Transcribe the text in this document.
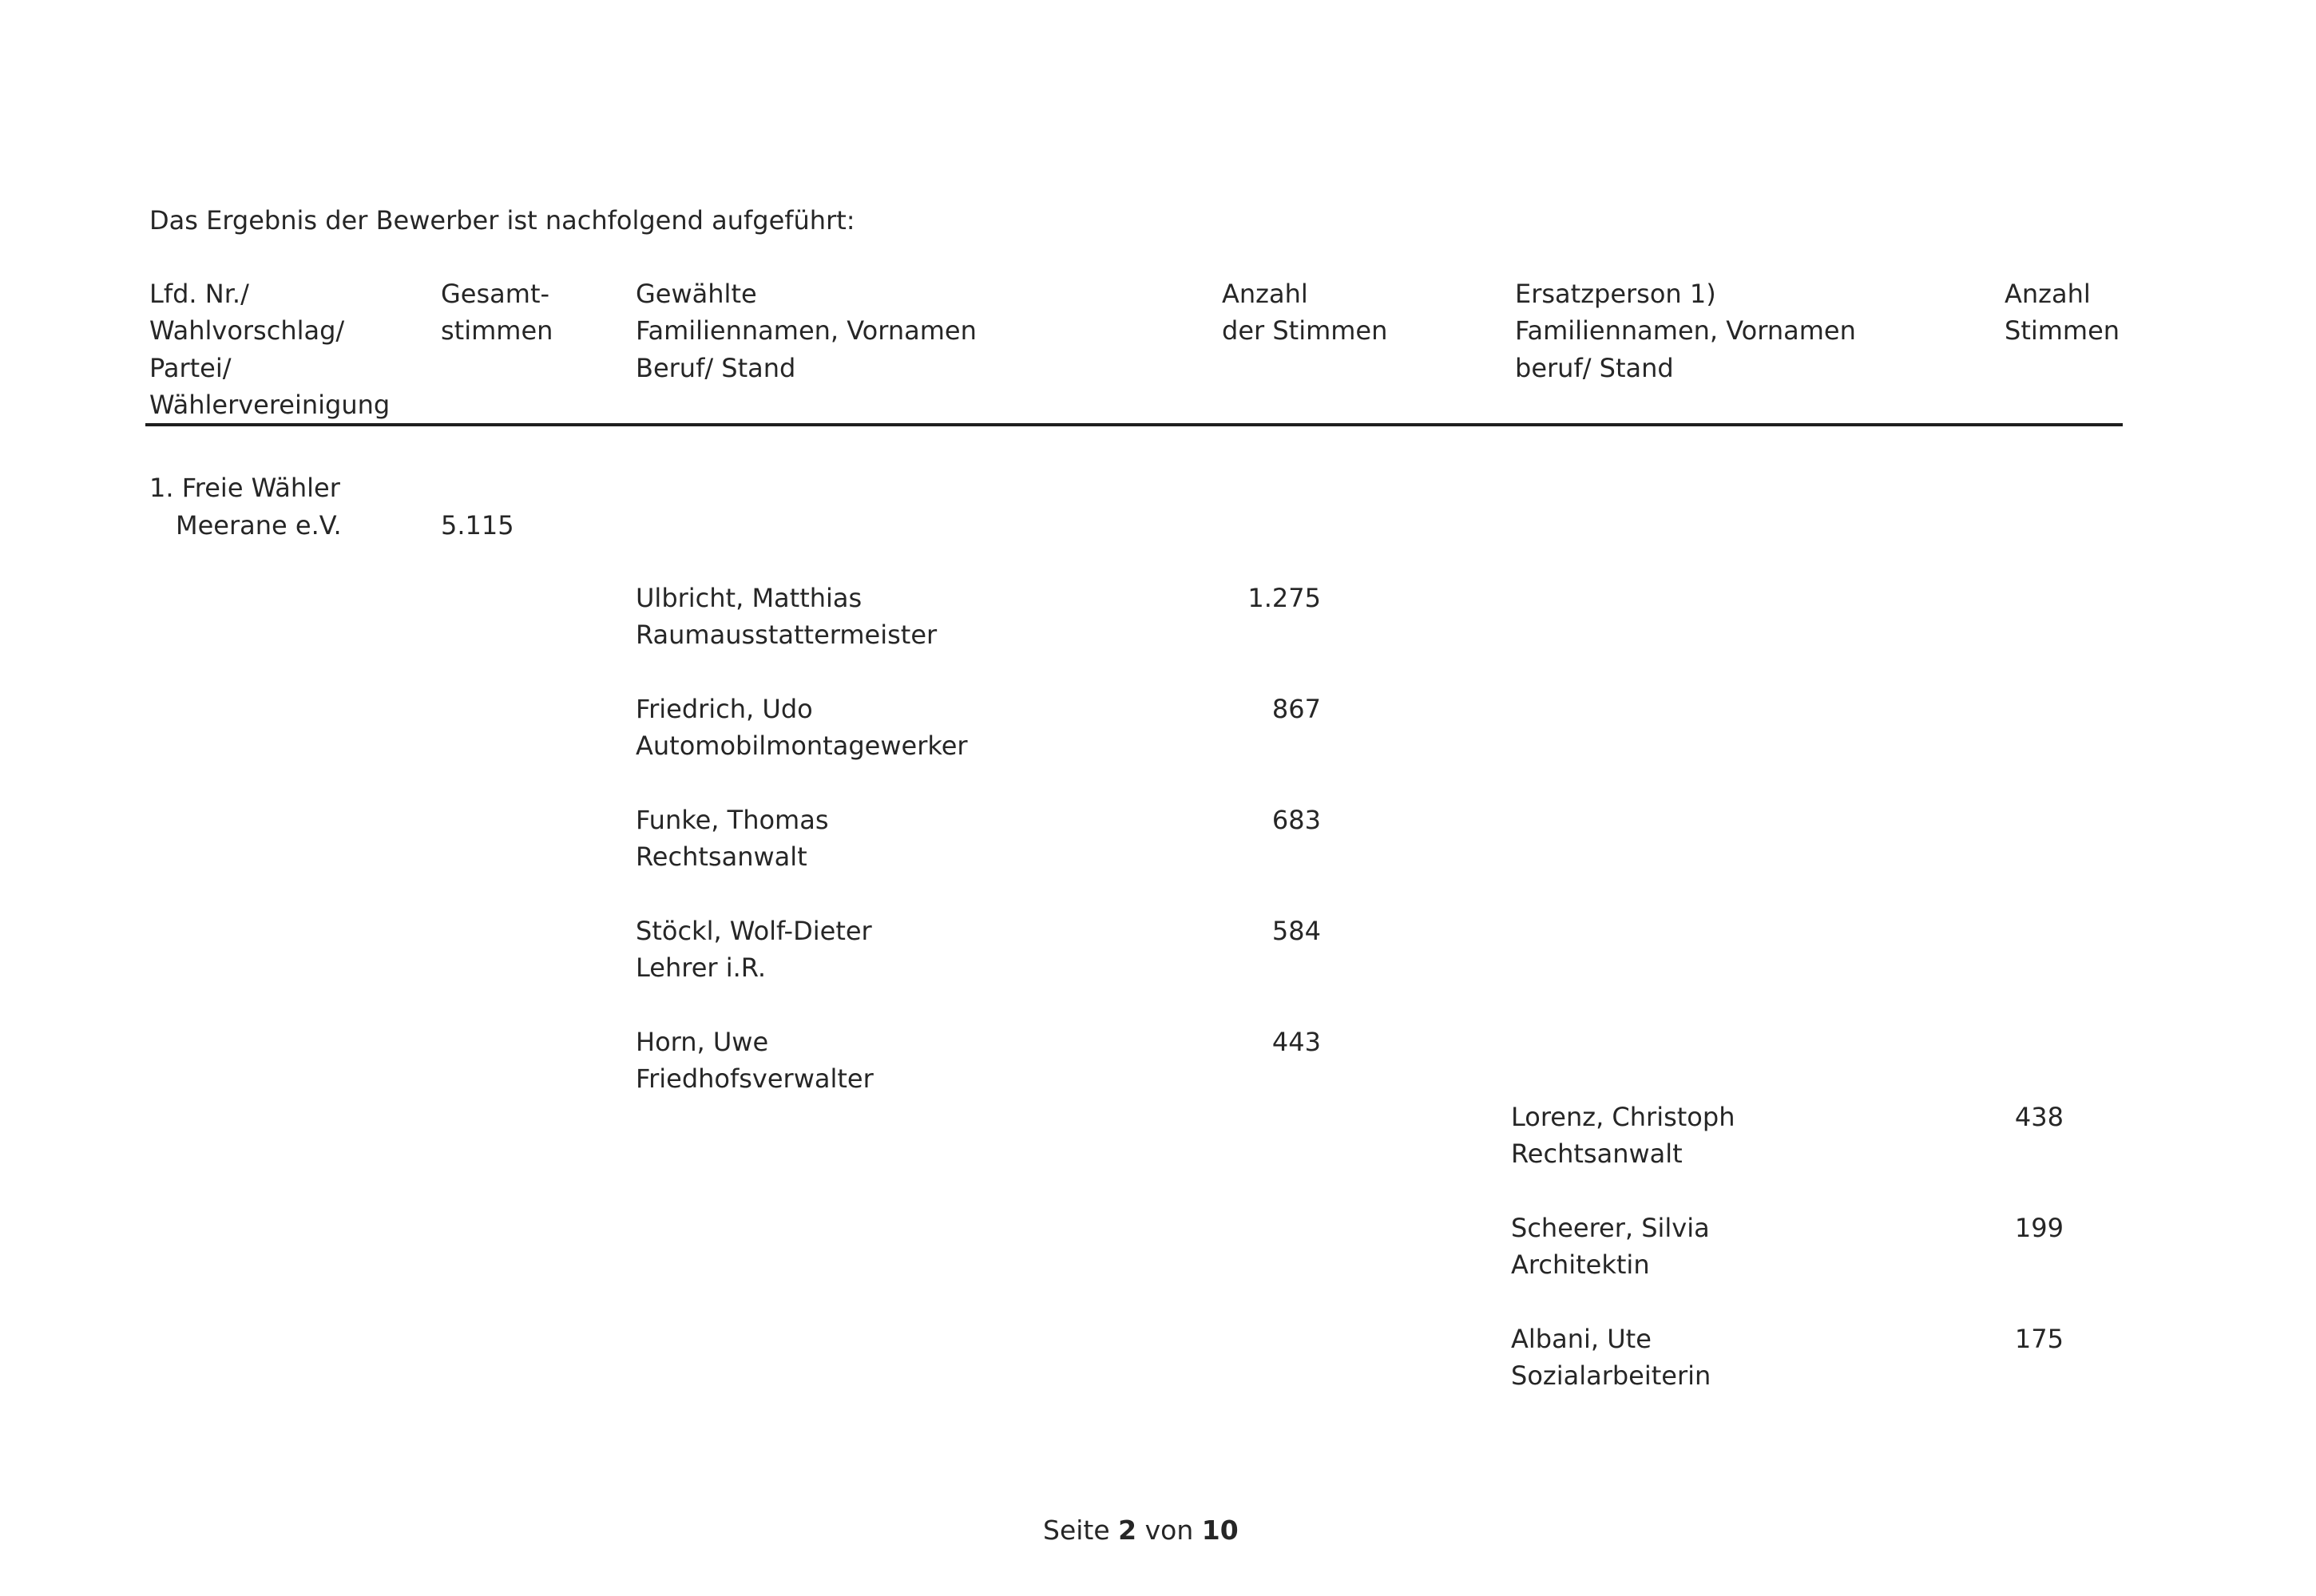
Das Ergebnis der Bewerber ist nachfolgend aufgeführt:
Lfd. Nr./
Wahlvorschlag/
Partei/
Wählervereinigung
Gesamt-
stimmen
Gewählte
Familiennamen, Vornamen
Beruf/ Stand
Anzahl
der Stimmen
Ersatzperson 1)
Familiennamen, Vornamen
beruf/ Stand
Anzahl
Stimmen
1. Freie Wähler
Meerane e.V.	5.115
Ulbricht, Matthias
Raumausstattermeister
1.275
Friedrich, Udo
Automobilmontagewerker
867
Funke, Thomas
Rechtsanwalt
683
Stöckl, Wolf-Dieter
Lehrer i.R.
584
Horn, Uwe
Friedhofsverwalter
443
Lorenz, Christoph
Rechtsanwalt
438
Scheerer, Silvia
Architektin
199
Albani, Ute
Sozialarbeiterin
175
Seite 2 von 10
